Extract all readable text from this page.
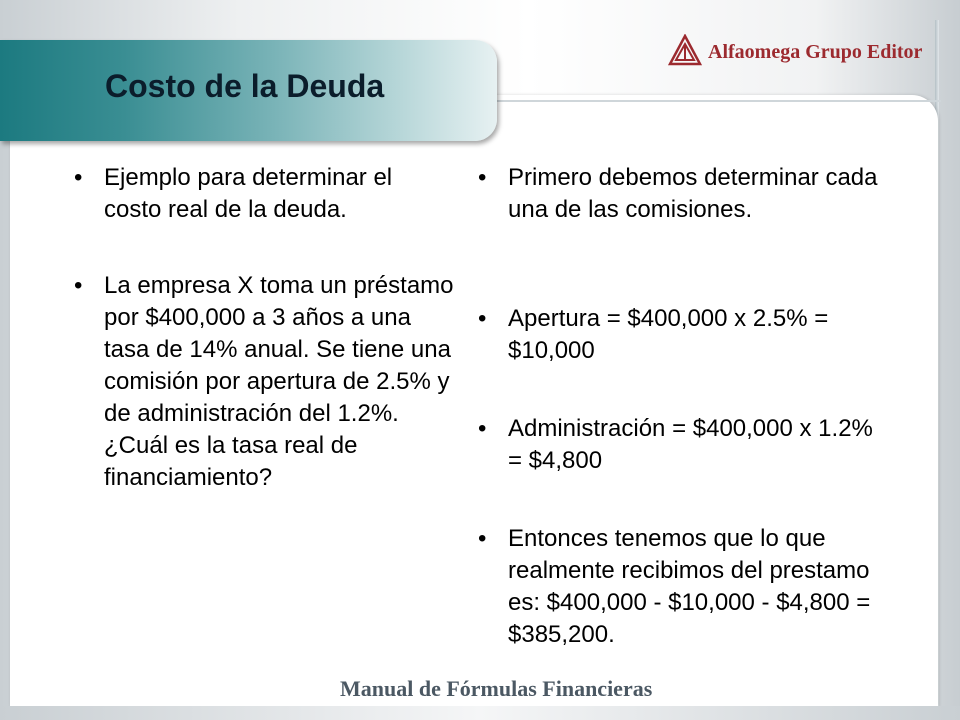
Costo de la Deuda
Alfaomega Grupo Editor
• Ejemplo para determinar el costo real de la deuda.
• La empresa X toma un préstamo por $400,000 a 3 años a una tasa de 14% anual. Se tiene una comisión por apertura de 2.5% y de administración del 1.2%. ¿Cuál es la tasa real de financiamiento?
• Primero debemos determinar cada una de las comisiones.
• Apertura = $400,000 x 2.5% = $10,000
• Administración = $400,000 x 1.2% = $4,800
• Entonces tenemos que lo que realmente recibimos del prestamo es: $400,000 - $10,000 - $4,800 = $385,200.

Manual de Fórmulas Financieras
